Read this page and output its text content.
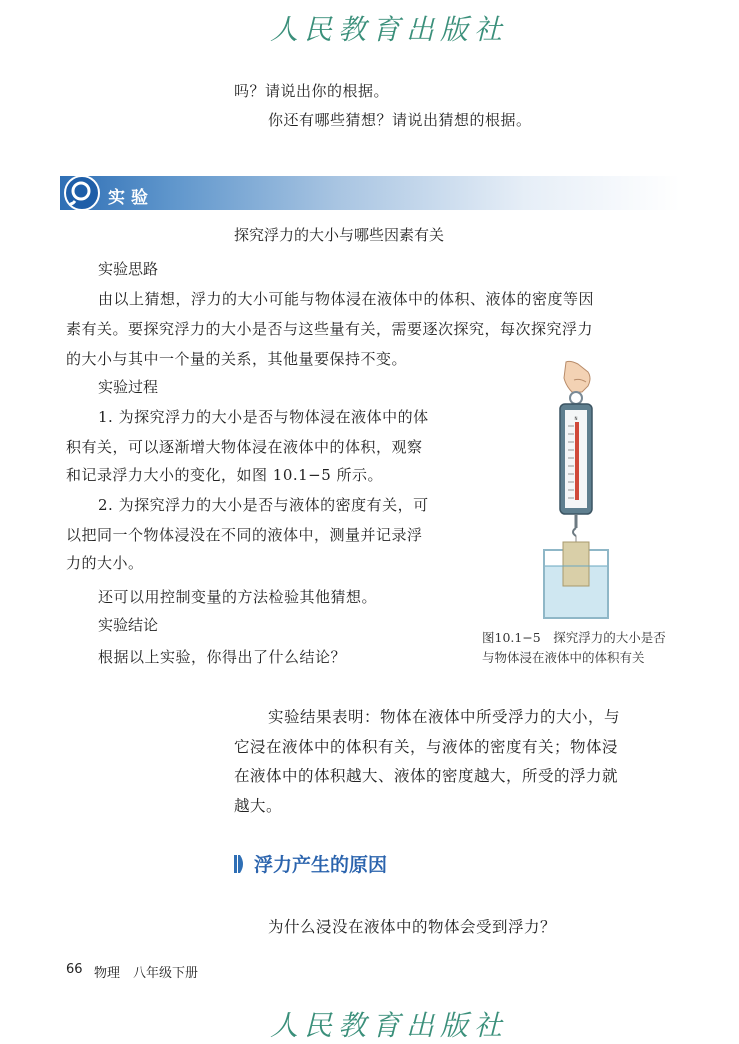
人民教育出版社
吗？请说出你的根据。
你还有哪些猜想？请说出猜想的根据。
实验
探究浮力的大小与哪些因素有关
实验思路
由以上猜想，浮力的大小可能与物体浸在液体中的体积、液体的密度等因
素有关。要探究浮力的大小是否与这些量有关，需要逐次探究，每次探究浮力
的大小与其中一个量的关系，其他量要保持不变。
实验过程
1. 为探究浮力的大小是否与物体浸在液体中的体
积有关，可以逐渐增大物体浸在液体中的体积，观察
和记录浮力大小的变化，如图 10.1−5 所示。
2. 为探究浮力的大小是否与液体的密度有关，可
以把同一个物体浸没在不同的液体中，测量并记录浮
力的大小。
还可以用控制变量的方法检验其他猜想。
实验结论
根据以上实验，你得出了什么结论？
N
图10.1−5　探究浮力的大小是否
与物体浸在液体中的体积有关
实验结果表明：物体在液体中所受浮力的大小，与
它浸在液体中的体积有关，与液体的密度有关；物体浸
在液体中的体积越大、液体的密度越大，所受的浮力就
越大。
浮力产生的原因
为什么浸没在液体中的物体会受到浮力？
66 物理　八年级下册
人民教育出版社
